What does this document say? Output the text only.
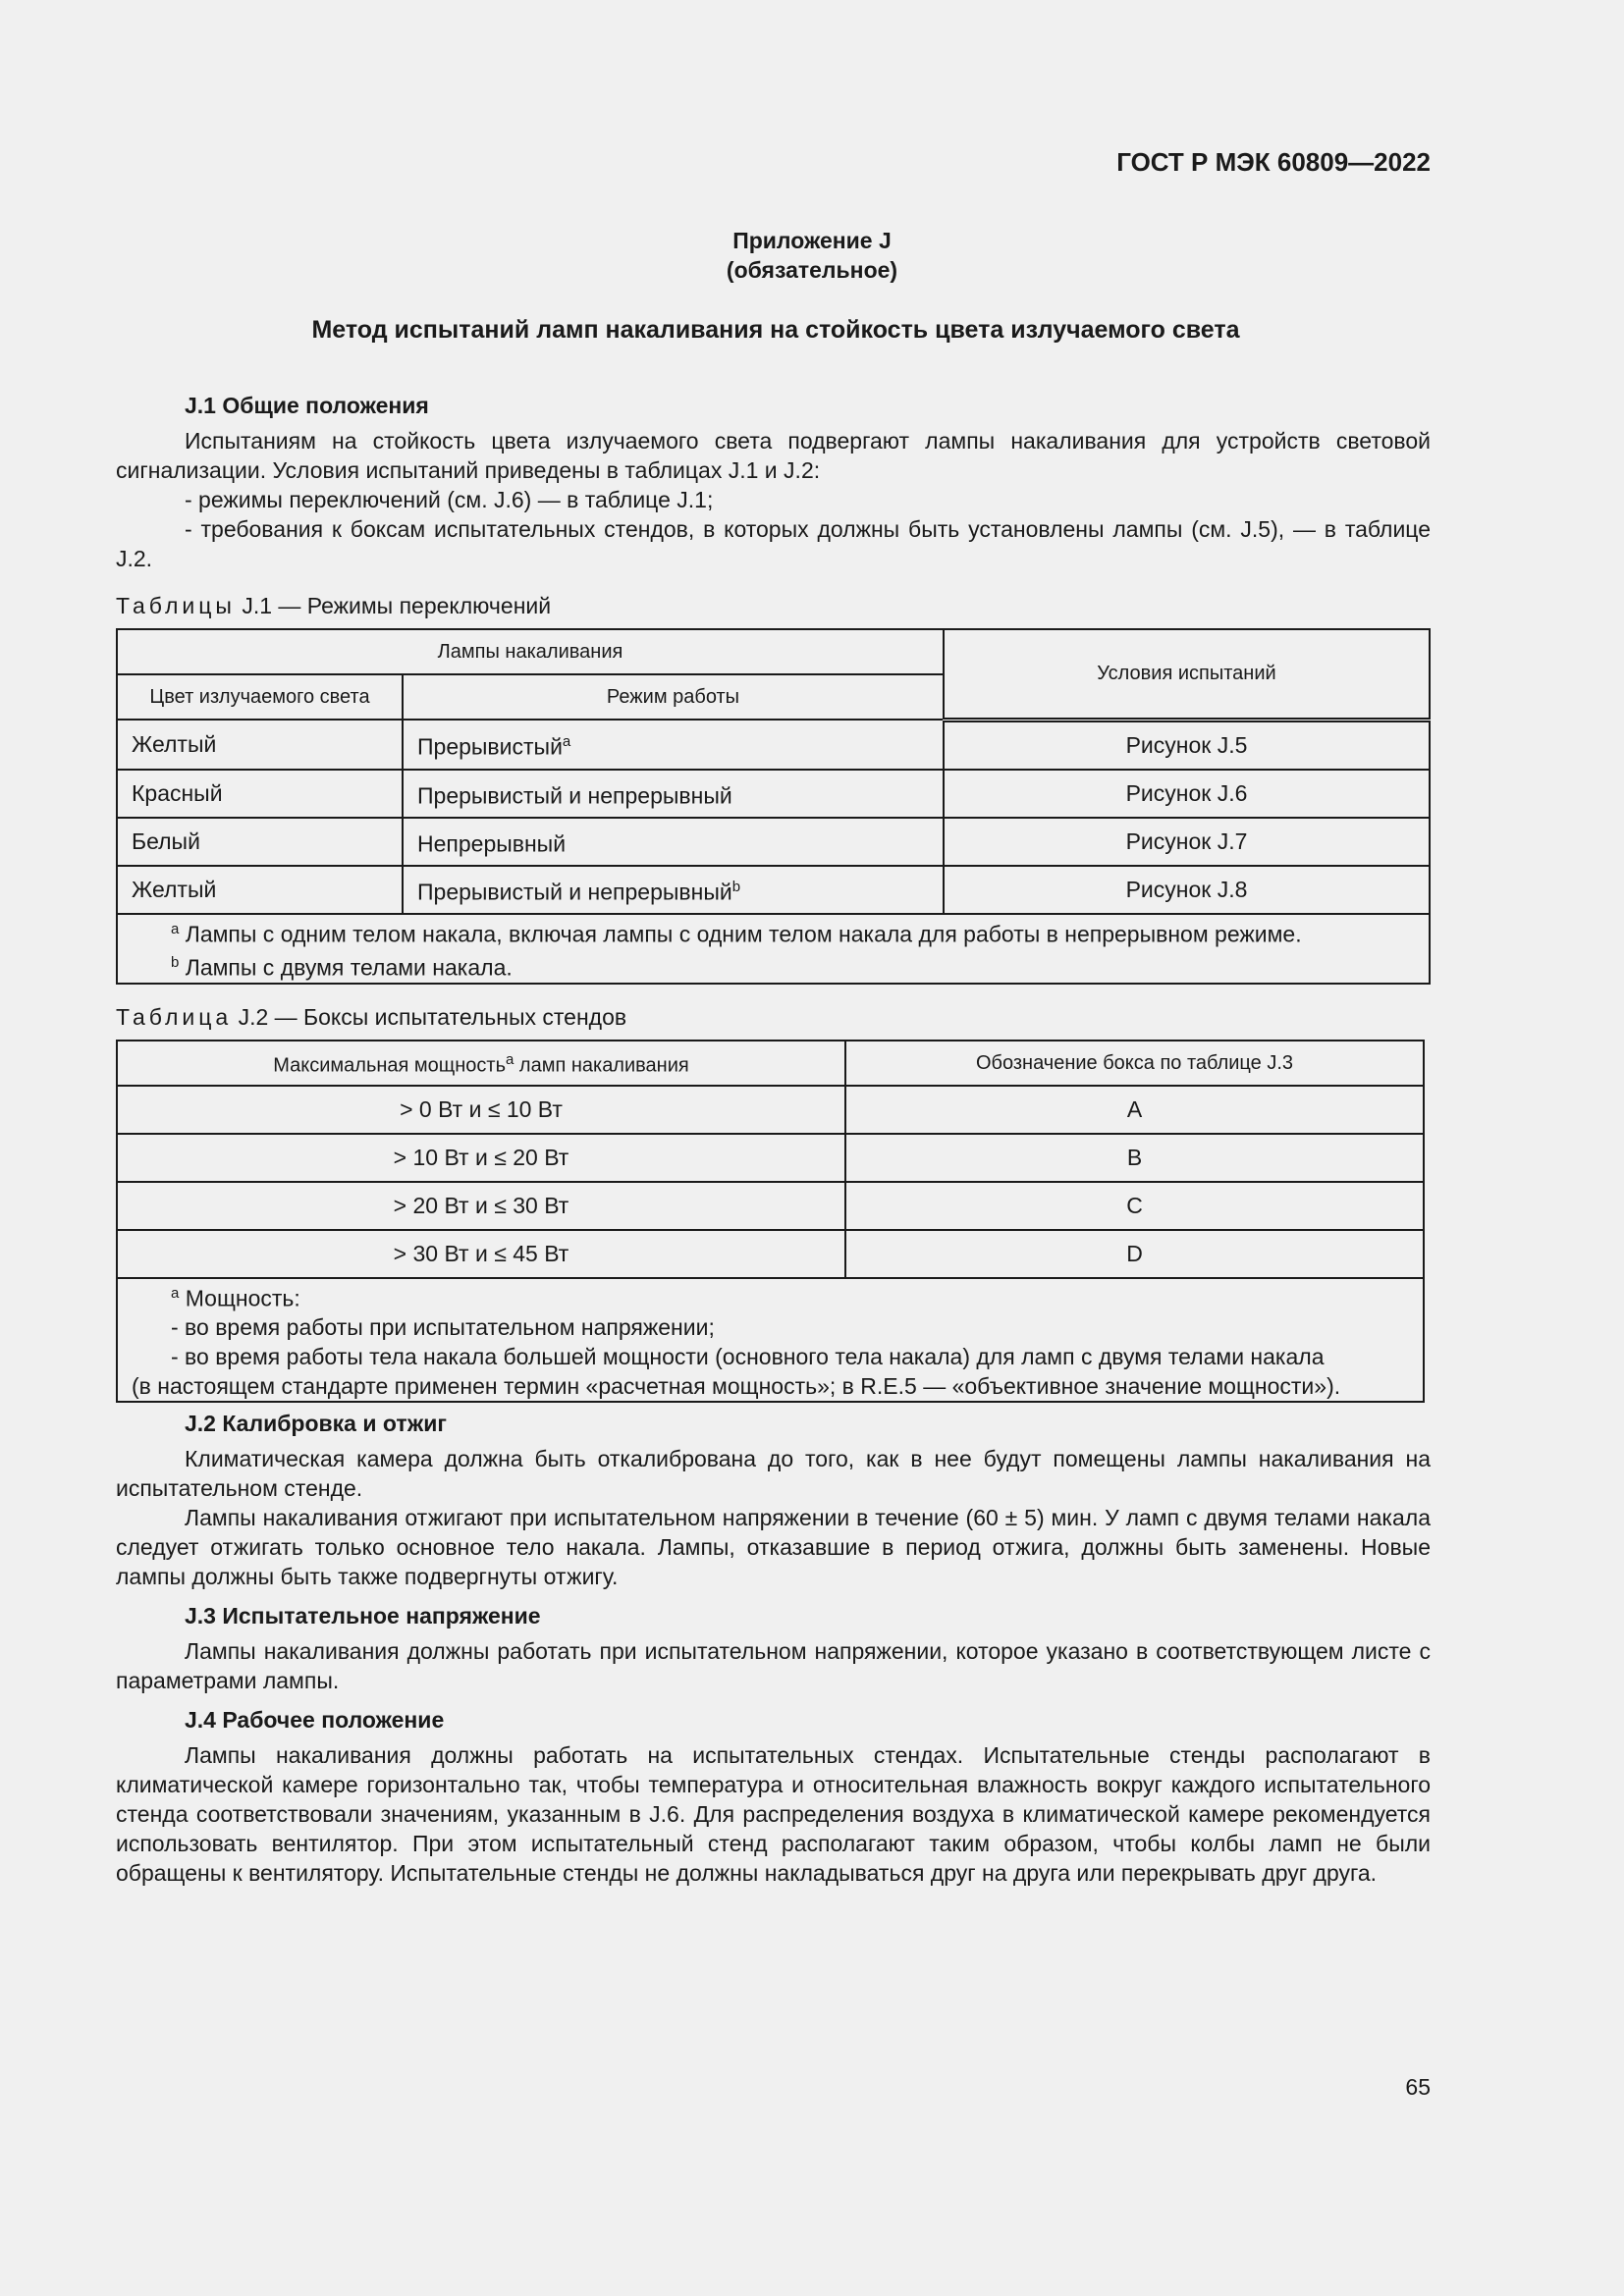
ГОСТ Р МЭК 60809—2022
Приложение J
(обязательное)
Метод испытаний ламп накаливания на стойкость цвета излучаемого света

J.1 Общие положения

Испытаниям на стойкость цвета излучаемого света подвергают лампы накаливания для устройств световой сигнализации. Условия испытаний приведены в таблицах J.1 и J.2:

- режимы переключений (см. J.6) — в таблице J.1;

- требования к боксам испытательных стендов, в которых должны быть установлены лампы (см. J.5), — в таблице J.2.

Таблицы J.1 — Режимы переключений

Лампы накаливания		Условия испытаний
Цвет излучаемого света	Режим работы	
Желтый	Прерывистый$^a$	Рисунок J.5
Красный	Прерывистый и непрерывный	Рисунок J.6
Белый	Непрерывный	Рисунок J.7
Желтый	Прерывистый и непрерывный$^b$	Рисунок J.8

$^a$ Лампы с одним телом накала, включая лампы с одним телом накала для работы в непрерывном режиме.
$^b$ Лампы с двумя телами накала.		

Таблица J.2 — Боксы испытательных стендов

Максимальная мощность$^a$ ламп накаливания	Обозначение бокса по таблице J.3
> 0 Вт и ≤ 10 Вт	A
> 10 Вт и ≤ 20 Вт	B
> 20 Вт и ≤ 30 Вт	C
> 30 Вт и ≤ 45 Вт	D

$^a$ Мощность:
- во время работы при испытательном напряжении;
- во время работы тела накала большей мощности (основного тела накала) для ламп с двумя телами накала
(в настоящем стандарте применен термин «расчетная мощность»; в R.E.5 — «объективное значение мощности»).	

J.2 Калибровка и отжиг

Климатическая камера должна быть откалибрована до того, как в нее будут помещены лампы накаливания на испытательном стенде.

Лампы накаливания отжигают при испытательном напряжении в течение (60 ± 5) мин. У ламп с двумя телами накала следует отжигать только основное тело накала. Лампы, отказавшие в период отжига, должны быть заменены. Новые лампы должны быть также подвергнуты отжигу.

J.3 Испытательное напряжение

Лампы накаливания должны работать при испытательном напряжении, которое указано в соответствующем листе с параметрами лампы.

J.4 Рабочее положение

Лампы накаливания должны работать на испытательных стендах. Испытательные стенды располагают в климатической камере горизонтально так, чтобы температура и относительная влажность вокруг каждого испытательного стенда соответствовали значениям, указанным в J.6. Для распределения воздуха в климатической камере рекомендуется использовать вентилятор. При этом испытательный стенд располагают таким образом, чтобы колбы ламп не были обращены к вентилятору. Испытательные стенды не должны накладываться друг на друга или перекрывать друг друга.

65
